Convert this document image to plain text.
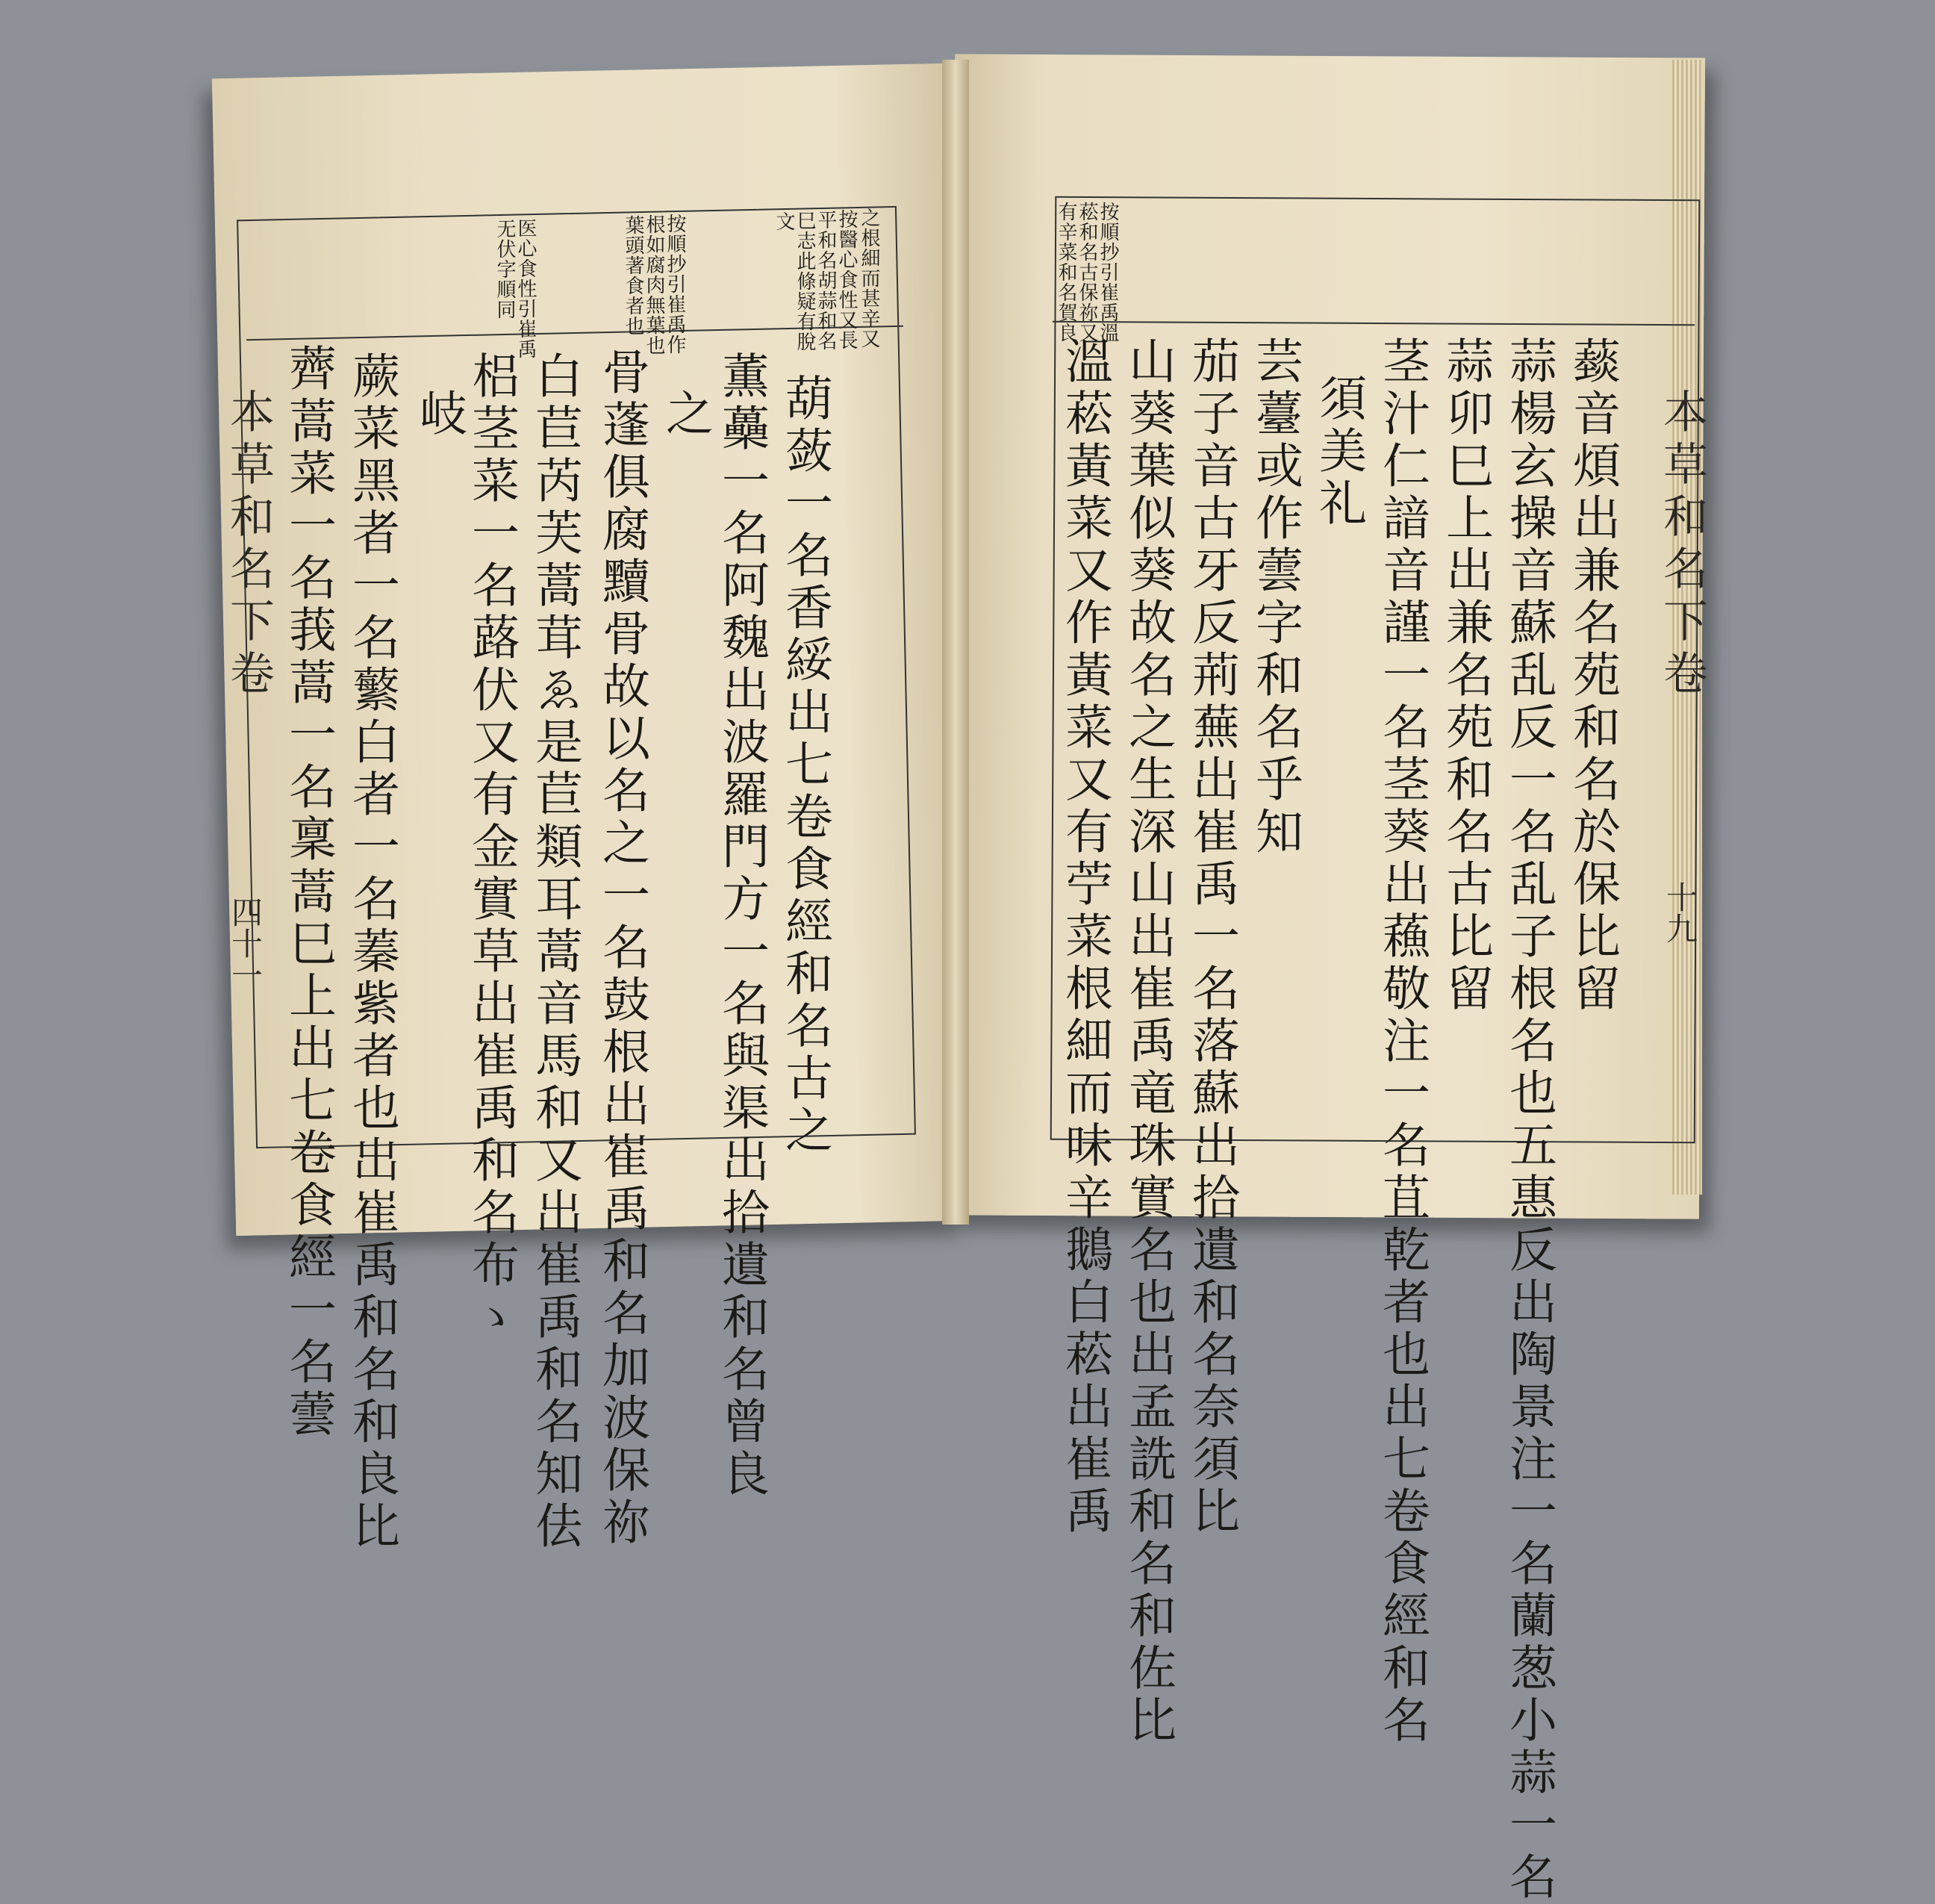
之根細而甚辛又
按醫心食性又長
平和名胡蒜和名
巳志此條疑有脫
文
按順抄引崔禹作
根如腐肉無葉也
葉頭著食者也
医心食性引崔禹
无伏字順同
葫蔹一名香綏出七卷食經和名古之
薫蘽一名阿魏出波羅門方一名與渠出拾遺和名曾良
之
骨蓬俱腐黷骨故以名之一名鼓根出崔禹和名加波保祢
白苣芮芙蒿茸ゑ是苣類耳蒿音馬和又出崔禹和名知佉
梠茎菜一名蕗伏又有金實草出崔禹和名布ゝ
岐
蕨菜黑者一名蘩白者一名蓁紫者也出崔禹和名和良比
薺蒿菜一名莪蒿一名稟蒿巳上出七卷食經一名蕓
本草和名下卷
四十一
按順抄引崔禹溫
菘和名古保祢又
有辛菜和名賀良
䕭音煩出兼名苑和名於保比留
蒜楊玄操音蘇乱反一名乱子根名也五惠反出陶景注一名蘭葱小蒜一名
蒜卯巳上出兼名苑和名古比留
茎汁仁諳音謹一名茎葵出蘓敬注一名苴乾者也出七卷食經和名
須美礼
芸薹或作蕓字和名乎知
茄子音古牙反荊蕪出崔禹一名落蘇出拾遺和名奈須比
山葵葉似葵故名之生深山出崔禹竜珠實名也出孟詵和名和佐比
溫菘黃菜又作黃菜又有苧菜根細而味辛鵝白菘出崔禹	本草和名下卷
十九
